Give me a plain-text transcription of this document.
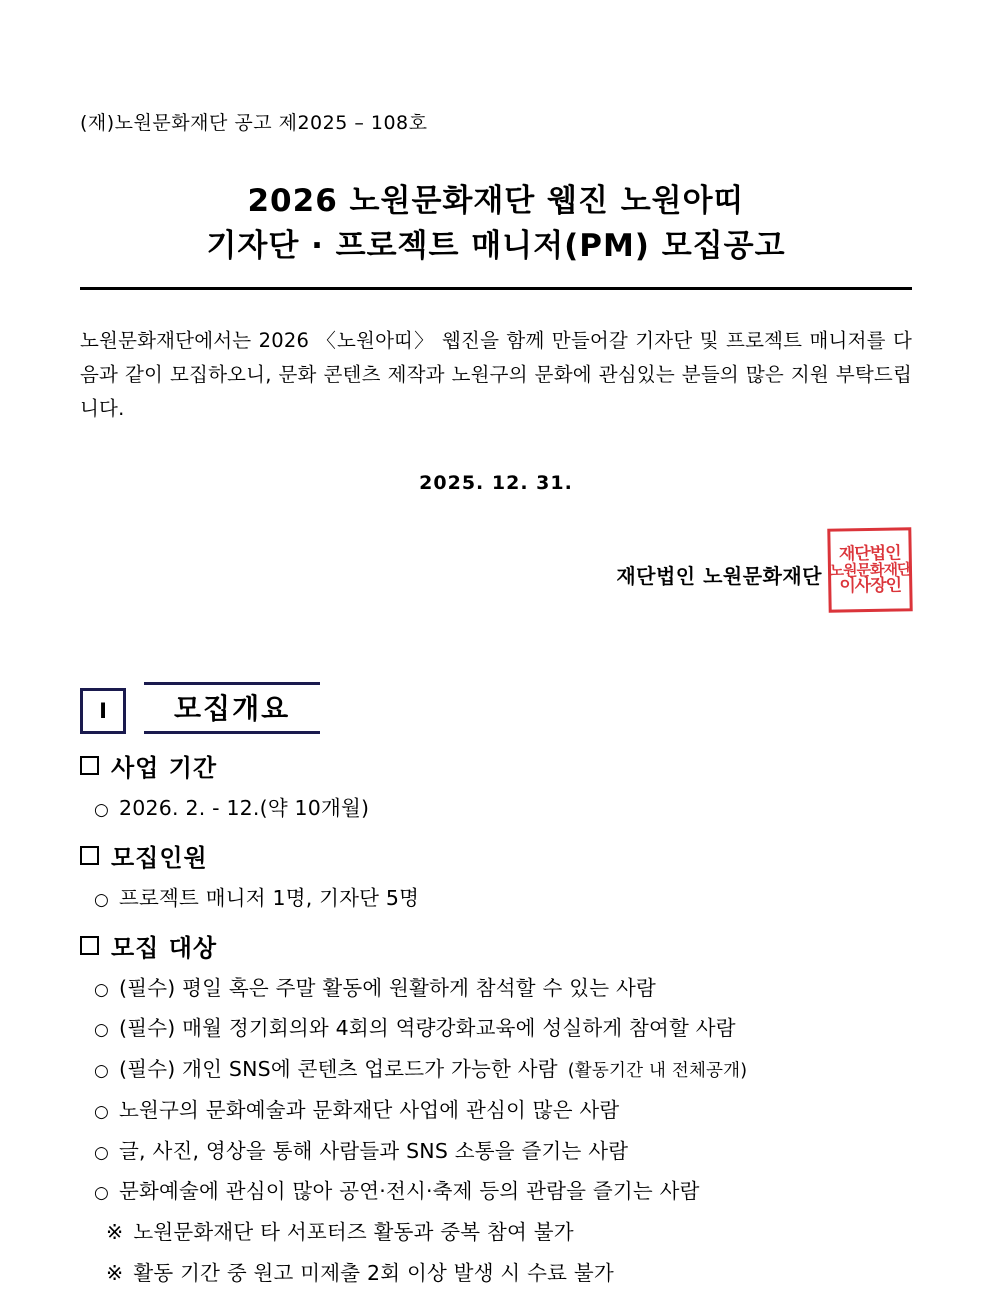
(재)노원문화재단 공고 제2025 – 108호
2026 노원문화재단 웹진 노원아띠
기자단 · 프로젝트 매니저(PM) 모집공고

노원문화재단에서는 2026 〈노원아띠〉 웹진을 함께 만들어갈 기자단 및 프로젝트 매니저를 다음과 같이 모집하오니, 문화 콘텐츠 제작과 노원구의 문화에 관심있는 분들의 많은 지원 부탁드립니다.

2025. 12. 31.
재단법인 노원문화재단
재단법인
노원문화재단
이사장인
Ⅰ	모집개요
사업 기간
○ 2026. 2. - 12.(약 10개월)
모집인원
○ 프로젝트 매니저 1명, 기자단 5명
모집 대상
○ (필수) 평일 혹은 주말 활동에 원활하게 참석할 수 있는 사람
○ (필수) 매월 정기회의와 4회의 역량강화교육에 성실하게 참여할 사람
○ (필수) 개인 SNS에 콘텐츠 업로드가 가능한 사람 (활동기간 내 전체공개)
○ 노원구의 문화예술과 문화재단 사업에 관심이 많은 사람
○ 글, 사진, 영상을 통해 사람들과 SNS 소통을 즐기는 사람
○ 문화예술에 관심이 많아 공연·전시·축제 등의 관람을 즐기는 사람
※ 노원문화재단 타 서포터즈 활동과 중복 참여 불가
※ 활동 기간 중 원고 미제출 2회 이상 발생 시 수료 불가
